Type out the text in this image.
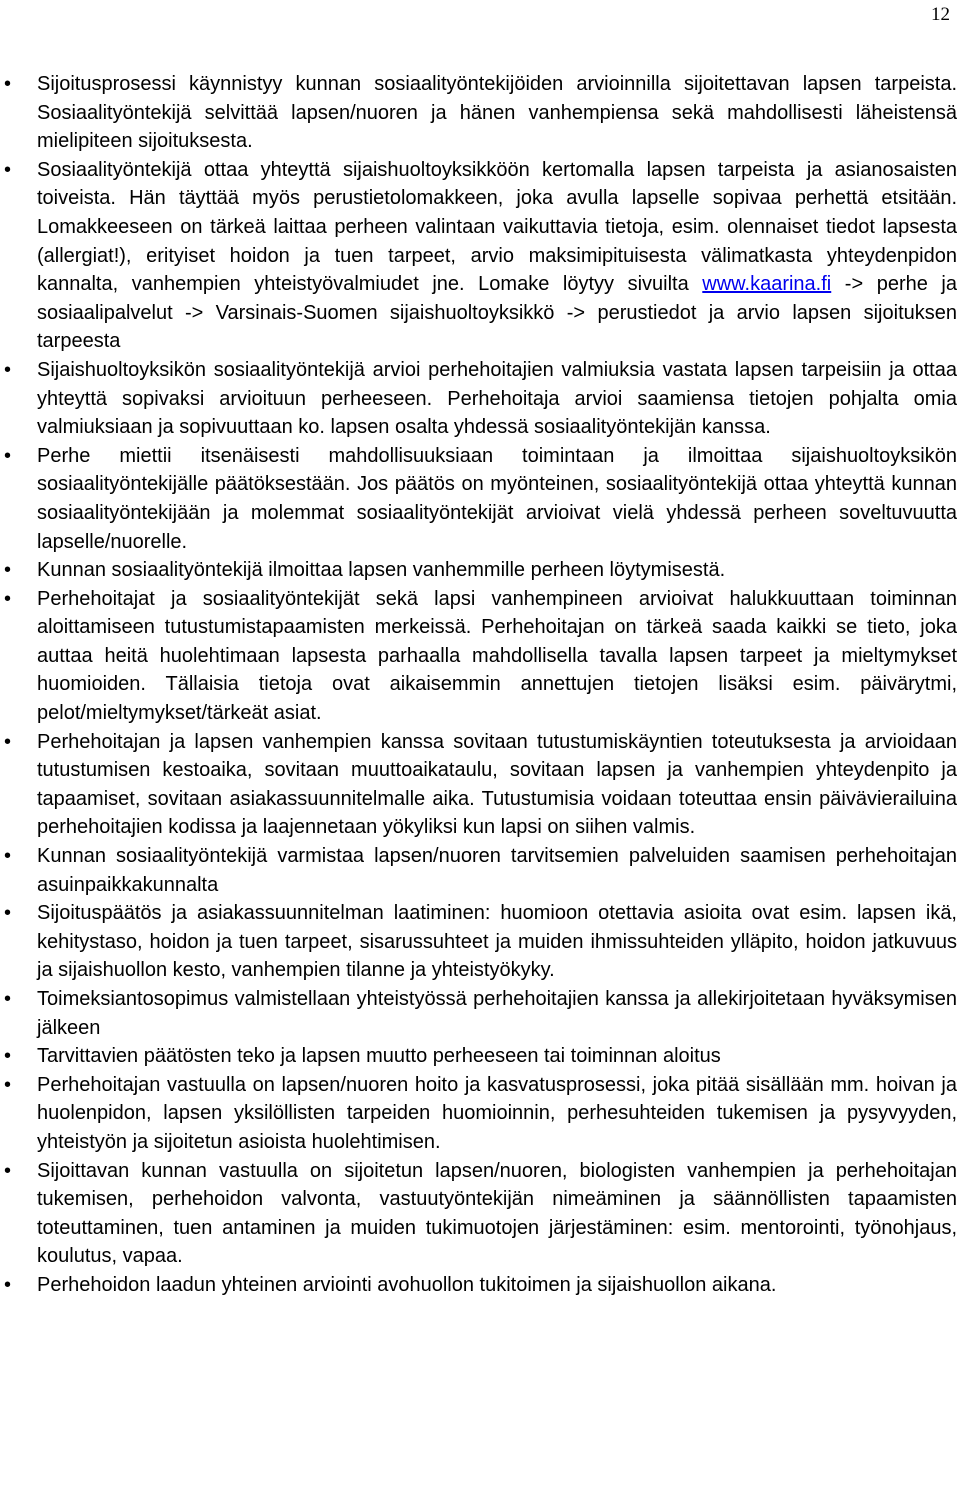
12
• Sijoitusprosessi käynnistyy kunnan sosiaalityöntekijöiden arvioinnilla sijoitettavan lapsen tarpeista. Sosiaalityöntekijä selvittää lapsen/nuoren ja hänen vanhempiensa sekä mahdollisesti läheistensä mielipiteen sijoituksesta.
• Sosiaalityöntekijä ottaa yhteyttä sijaishuoltoyksikköön kertomalla lapsen tarpeista ja asianosaisten toiveista. Hän täyttää myös perustietolomakkeen, joka avulla lapselle sopivaa perhettä etsitään. Lomakkeeseen on tärkeä laittaa perheen valintaan vaikuttavia tietoja, esim. olennaiset tiedot lapsesta (allergiat!), erityiset hoidon ja tuen tarpeet, arvio maksimipituisesta välimatkasta yhteydenpidon kannalta, vanhempien yhteistyövalmiudet jne. Lomake löytyy sivuilta www.kaarina.fi -> perhe ja sosiaalipalvelut -> Varsinais-Suomen sijaishuoltoyksikkö -> perustiedot ja arvio lapsen sijoituksen tarpeesta
• Sijaishuoltoyksikön sosiaalityöntekijä arvioi perhehoitajien valmiuksia vastata lapsen tarpeisiin ja ottaa yhteyttä sopivaksi arvioituun perheeseen. Perhehoitaja arvioi saamiensa tietojen pohjalta omia valmiuksiaan ja sopivuuttaan ko. lapsen osalta yhdessä sosiaalityöntekijän kanssa.
• Perhe miettii itsenäisesti mahdollisuuksiaan toimintaan ja ilmoittaa sijaishuoltoyksikön sosiaalityöntekijälle päätöksestään. Jos päätös on myönteinen, sosiaalityöntekijä ottaa yhteyttä kunnan sosiaalityöntekijään ja molemmat sosiaalityöntekijät arvioivat vielä yhdessä perheen soveltuvuutta lapselle/nuorelle.
• Kunnan sosiaalityöntekijä ilmoittaa lapsen vanhemmille perheen löytymisestä.
• Perhehoitajat ja sosiaalityöntekijät sekä lapsi vanhempineen arvioivat halukkuuttaan toiminnan aloittamiseen tutustumistapaamisten merkeissä. Perhehoitajan on tärkeä saada kaikki se tieto, joka auttaa heitä huolehtimaan lapsesta parhaalla mahdollisella tavalla lapsen tarpeet ja mieltymykset huomioiden. Tällaisia tietoja ovat aikaisemmin annettujen tietojen lisäksi esim. päivärytmi, pelot/mieltymykset/tärkeät asiat.
• Perhehoitajan ja lapsen vanhempien kanssa sovitaan tutustumiskäyntien toteutuksesta ja arvioidaan tutustumisen kestoaika, sovitaan muuttoaikataulu, sovitaan lapsen ja vanhempien yhteydenpito ja tapaamiset, sovitaan asiakassuunnitelmalle aika. Tutustumisia voidaan toteuttaa ensin päivävierailuina perhehoitajien kodissa ja laajennetaan yökyliksi kun lapsi on siihen valmis.
• Kunnan sosiaalityöntekijä varmistaa lapsen/nuoren tarvitsemien palveluiden saamisen perhehoitajan asuinpaikkakunnalta
• Sijoituspäätös ja asiakassuunnitelman laatiminen: huomioon otettavia asioita ovat esim. lapsen ikä, kehitystaso, hoidon ja tuen tarpeet, sisarussuhteet ja muiden ihmissuhteiden ylläpito, hoidon jatkuvuus ja sijaishuollon kesto, vanhempien tilanne ja yhteistyökyky.
• Toimeksiantosopimus valmistellaan yhteistyössä perhehoitajien kanssa ja allekirjoitetaan hyväksymisen jälkeen
• Tarvittavien päätösten teko ja lapsen muutto perheeseen tai toiminnan aloitus
• Perhehoitajan vastuulla on lapsen/nuoren hoito ja kasvatusprosessi, joka pitää sisällään mm. hoivan ja huolenpidon, lapsen yksilöllisten tarpeiden huomioinnin, perhesuhteiden tukemisen ja pysyvyyden, yhteistyön ja sijoitetun asioista huolehtimisen.
• Sijoittavan kunnan vastuulla on sijoitetun lapsen/nuoren, biologisten vanhempien ja perhehoitajan tukemisen, perhehoidon valvonta, vastuutyöntekijän nimeäminen ja säännöllisten tapaamisten toteuttaminen, tuen antaminen ja muiden tukimuotojen järjestäminen: esim. mentorointi, työnohjaus, koulutus, vapaa.
• Perhehoidon laadun yhteinen arviointi avohuollon tukitoimen ja sijaishuollon aikana.
